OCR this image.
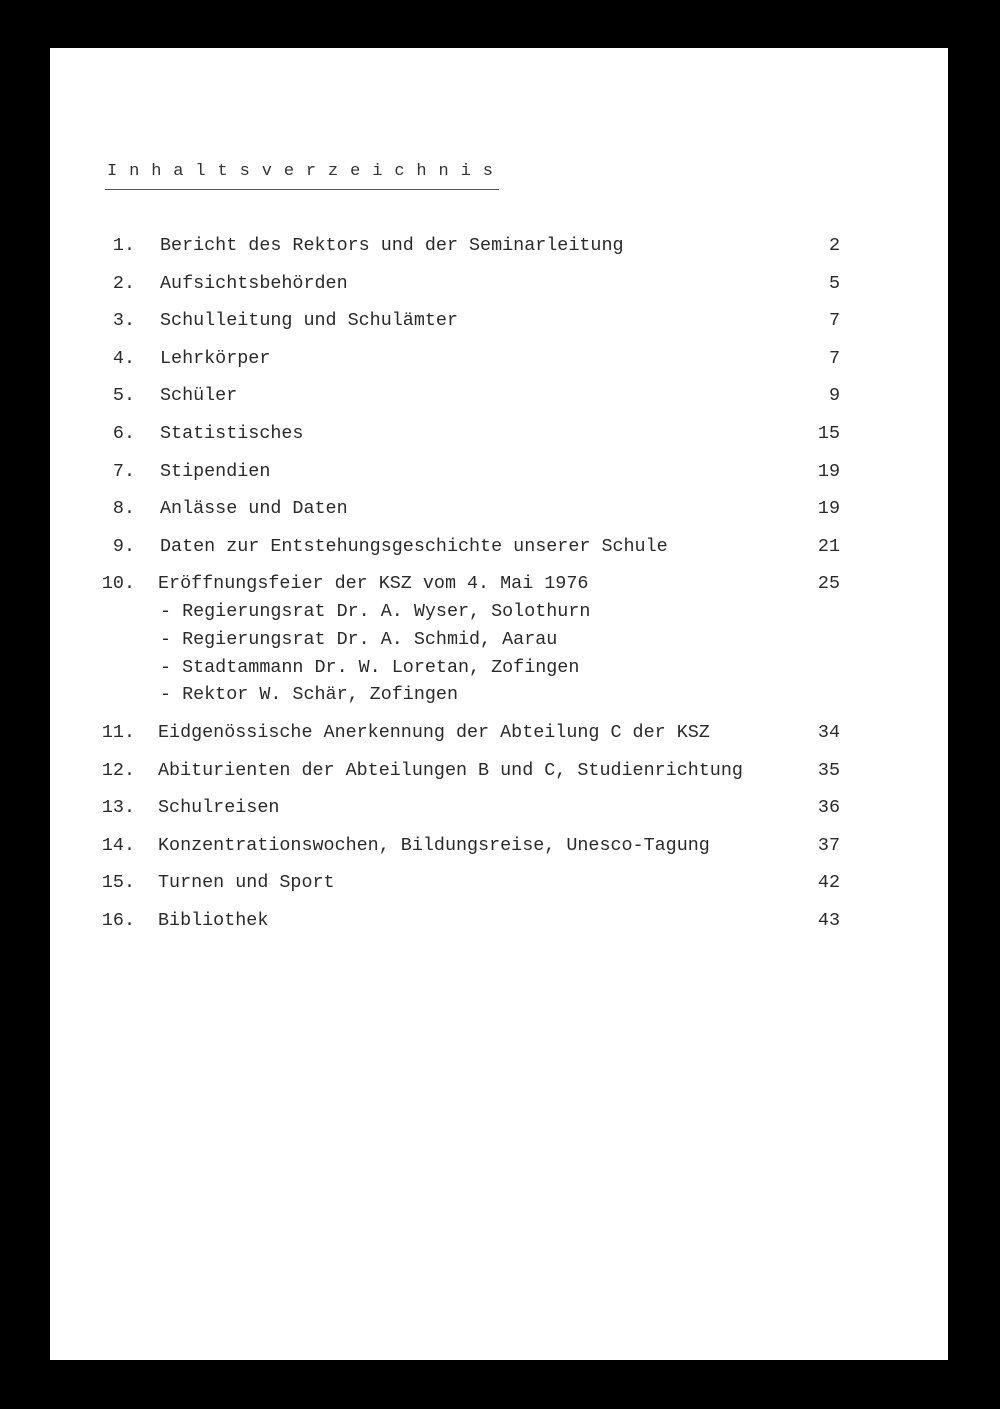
Inhaltsverzeichnis
1. Bericht des Rektors und der Seminarleitung	2
2. Aufsichtsbehörden	5
3. Schulleitung und Schulämter	7
4. Lehrkörper	7
5. Schüler	9
6. Statistisches	15
7. Stipendien	19
8. Anlässe und Daten	19
9. Daten zur Entstehungsgeschichte unserer Schule	21
10. Eröffnungsfeier der KSZ vom 4. Mai 1976	25
- Regierungsrat Dr. A. Wyser, Solothurn
- Regierungsrat Dr. A. Schmid, Aarau
- Stadtammann Dr. W. Loretan, Zofingen
- Rektor W. Schär, Zofingen
11. Eidgenössische Anerkennung der Abteilung C der KSZ	34
12. Abiturienten der Abteilungen B und C, Studienrichtung	35
13. Schulreisen	36
14. Konzentrationswochen, Bildungsreise, Unesco-Tagung	37
15. Turnen und Sport	42
16. Bibliothek	43
